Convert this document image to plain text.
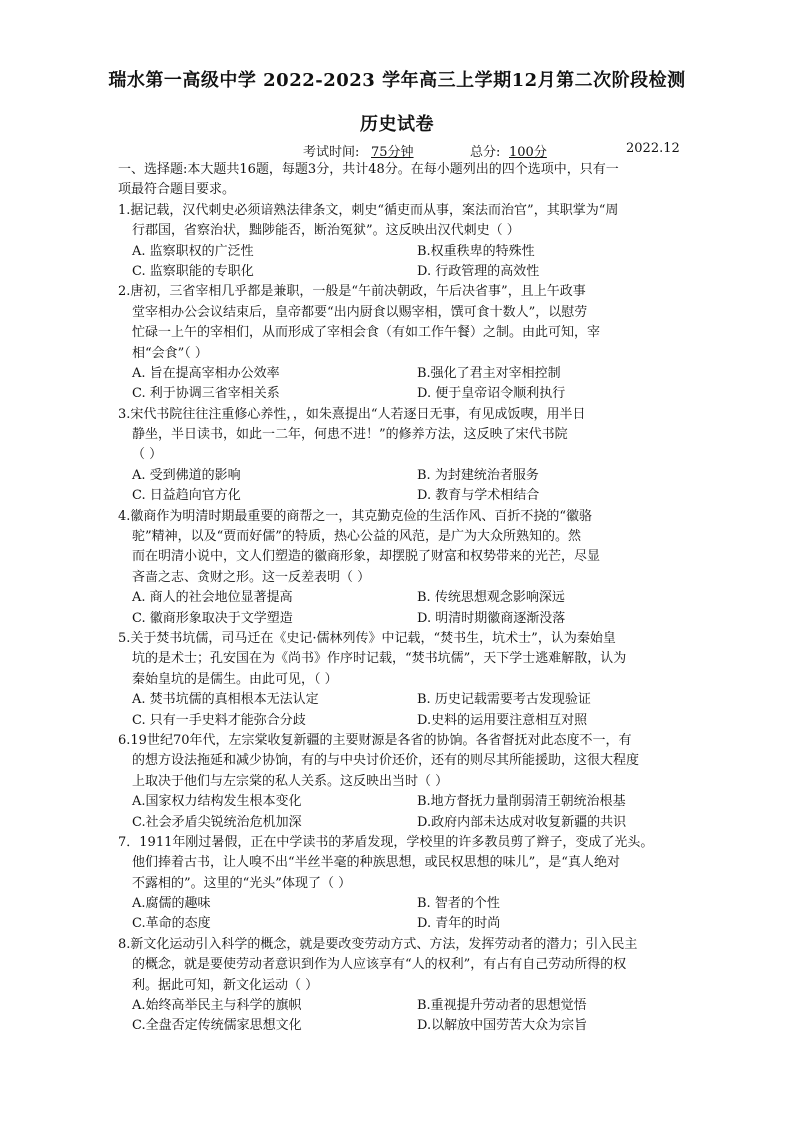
瑞水第一高级中学 2022-2023 学年高三上学期12月第二次阶段检测
历史试卷
考试时间: 75分钟	总分: 100分	2022.12
一、选择题:本大题共16题，每题3分，共计48分。在每小题列出的四个选项中，只有一
项最符合题目要求。
1.据记载，汉代刺史必须谙熟法律条文，刺史“循吏而从事，案法而治官”，其职掌为“周
行郡国，省察治状，黜陟能否，断治冤狱”。这反映出汉代刺史（ ）
A. 监察职权的广泛性	B.权重秩卑的特殊性
C. 监察职能的专职化	D. 行政管理的高效性
2.唐初，三省宰相几乎都是兼职，一般是“午前决朝政，午后决省事”，且上午政事
堂宰相办公会议结束后，皇帝都要“出内厨食以赐宰相，馔可食十数人”，以慰劳
忙碌一上午的宰相们，从而形成了宰相会食（有如工作午餐）之制。由此可知，宰
相“会食”（ ）
A. 旨在提高宰相办公效率	B.强化了君主对宰相控制
C. 利于协调三省宰相关系	D. 便于皇帝诏令顺利执行
3.宋代书院往往注重修心养性，，如朱熹提出“人若逐日无事，有见成饭喫，用半日
静坐，半日读书，如此一二年，何患不进！”的修养方法，这反映了宋代书院
（ ）
A. 受到佛道的影响	B. 为封建统治者服务
C. 日益趋向官方化	D. 教育与学术相结合
4.徽商作为明清时期最重要的商帮之一，其克勤克俭的生活作风、百折不挠的“徽骆
驼”精神，以及“贾而好儒”的特质，热心公益的风范，是广为大众所熟知的。然
而在明清小说中，文人们塑造的徽商形象，却摆脱了财富和权势带来的光芒，尽显
吝啬之志、贪财之形。这一反差表明（ ）
A. 商人的社会地位显著提高	B. 传统思想观念影响深远
C. 徽商形象取决于文学塑造	D. 明清时期徽商逐渐没落
5.关于焚书坑儒，司马迁在《史记·儒林列传》中记载，“焚书生，坑术士”，认为秦始皇
坑的是术士；孔安国在为《尚书》作序时记载，“焚书坑儒”，天下学士逃难解散，认为
秦始皇坑的是儒生。由此可见，（ ）
A. 焚书坑儒的真相根本无法认定	B. 历史记载需要考古发现验证
C. 只有一手史料才能弥合分歧	D.史料的运用要注意相互对照
6.19世纪70年代，左宗棠收复新疆的主要财源是各省的协饷。各省督抚对此态度不一，有
的想方设法拖延和减少协饷，有的与中央讨价还价，还有的则尽其所能援助，这很大程度
上取决于他们与左宗棠的私人关系。这反映出当时（ ）
A.国家权力结构发生根本变化	B.地方督抚力量削弱清王朝统治根基
C.社会矛盾尖锐统治危机加深	D.政府内部未达成对收复新疆的共识
7．1911年刚过暑假，正在中学读书的茅盾发现，学校里的许多教员剪了辫子，变成了光头。
他们捧着古书，让人嗅不出“半丝半毫的种族思想，或民权思想的味儿”，是“真人绝对
不露相的”。这里的“光头”体现了（ ）
A.腐儒的趣味	B. 智者的个性
C.革命的态度	D. 青年的时尚
8.新文化运动引入科学的概念，就是要改变劳动方式、方法，发挥劳动者的潜力；引入民主
的概念，就是要使劳动者意识到作为人应该享有“人的权利”，有占有自己劳动所得的权
利。据此可知，新文化运动（ ）
A.始终高举民主与科学的旗帜	B.重视提升劳动者的思想觉悟
C.全盘否定传统儒家思想文化	D.以解放中国劳苦大众为宗旨
